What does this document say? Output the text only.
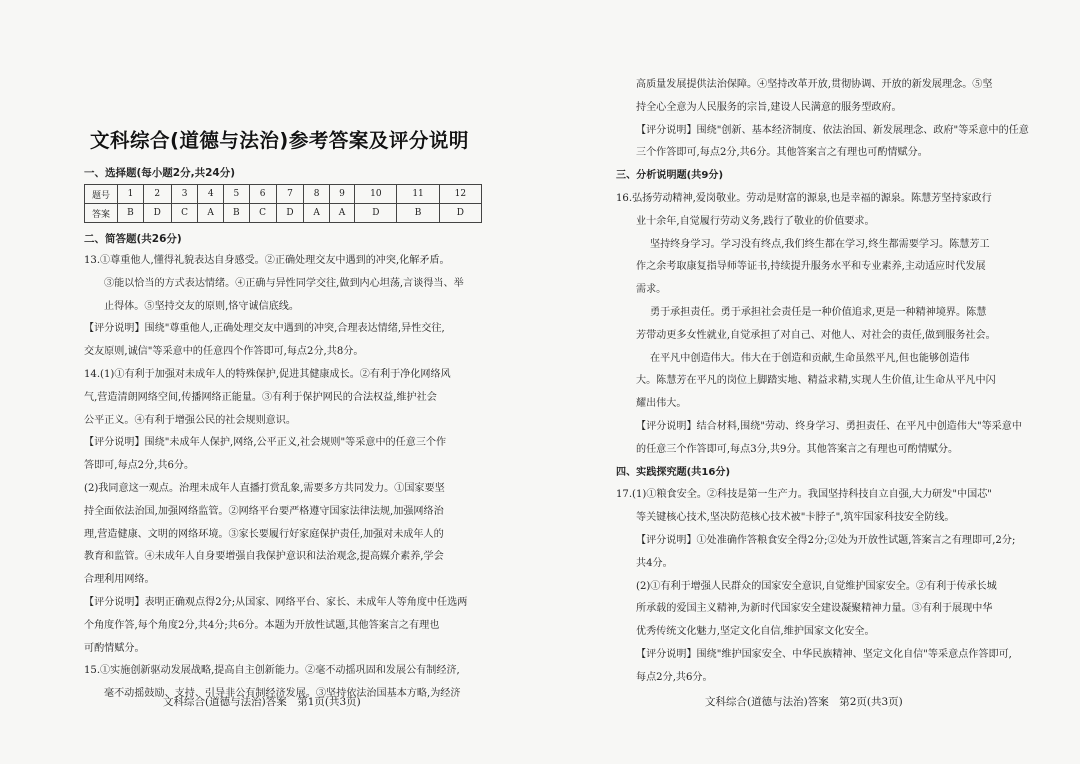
文科综合(道德与法治)参考答案及评分说明
一、选择题(每小题2分,共24分)
题号	1	2	3	4	5	6	7	8	9	10	11	12
答案	B	D	C	A	B	C	D	A	A	D	B	D
二、简答题(共26分)

13.①尊重他人,懂得礼貌表达自身感受。②正确处理交友中遇到的冲突,化解矛盾。

③能以恰当的方式表达情绪。④正确与异性同学交往,做到内心坦荡,言谈得当、举

止得体。⑤坚持交友的原则,恪守诚信底线。

【评分说明】围绕"尊重他人,正确处理交友中遇到的冲突,合理表达情绪,异性交往,

交友原则,诚信"等采意中的任意四个作答即可,每点2分,共8分。

14.(1)①有利于加强对未成年人的特殊保护,促进其健康成长。②有利于净化网络风

气,营造清朗网络空间,传播网络正能量。③有利于保护网民的合法权益,维护社会

公平正义。④有利于增强公民的社会规则意识。

【评分说明】围绕"未成年人保护,网络,公平正义,社会规则"等采意中的任意三个作

答即可,每点2分,共6分。

(2)我同意这一观点。治理未成年人直播打赏乱象,需要多方共同发力。①国家要坚

持全面依法治国,加强网络监管。②网络平台要严格遵守国家法律法规,加强网络治

理,营造健康、文明的网络环境。③家长要履行好家庭保护责任,加强对未成年人的

教育和监管。④未成年人自身要增强自我保护意识和法治观念,提高媒介素养,学会

合理利用网络。

【评分说明】表明正确观点得2分;从国家、网络平台、家长、未成年人等角度中任选两

个角度作答,每个角度2分,共4分;共6分。本题为开放性试题,其他答案言之有理也

可酌情赋分。

15.①实施创新驱动发展战略,提高自主创新能力。②毫不动摇巩固和发展公有制经济,

毫不动摇鼓励、支持、引导非公有制经济发展。③坚持依法治国基本方略,为经济

高质量发展提供法治保障。④坚持改革开放,贯彻协调、开放的新发展理念。⑤坚

持全心全意为人民服务的宗旨,建设人民满意的服务型政府。

【评分说明】围绕"创新、基本经济制度、依法治国、新发展理念、政府"等采意中的任意

三个作答即可,每点2分,共6分。其他答案言之有理也可酌情赋分。

三、分析说明题(共9分)

16.弘扬劳动精神,爱岗敬业。劳动是财富的源泉,也是幸福的源泉。陈慧芳坚持家政行

业十余年,自觉履行劳动义务,践行了敬业的价值要求。

坚持终身学习。学习没有终点,我们终生都在学习,终生都需要学习。陈慧芳工

作之余考取康复指导师等证书,持续提升服务水平和专业素养,主动适应时代发展

需求。

勇于承担责任。勇于承担社会责任是一种价值追求,更是一种精神境界。陈慧

芳带动更多女性就业,自觉承担了对自己、对他人、对社会的责任,做到服务社会。

在平凡中创造伟大。伟大在于创造和贡献,生命虽然平凡,但也能够创造伟

大。陈慧芳在平凡的岗位上脚踏实地、精益求精,实现人生价值,让生命从平凡中闪

耀出伟大。

【评分说明】结合材料,围绕"劳动、终身学习、勇担责任、在平凡中创造伟大"等采意中

的任意三个作答即可,每点3分,共9分。其他答案言之有理也可酌情赋分。

四、实践探究题(共16分)

17.(1)①粮食安全。②科技是第一生产力。我国坚持科技自立自强,大力研发"中国芯"

等关键核心技术,坚决防范核心技术被"卡脖子",筑牢国家科技安全防线。

【评分说明】①处准确作答粮食安全得2分;②处为开放性试题,答案言之有理即可,2分;

共4分。

(2)①有利于增强人民群众的国家安全意识,自觉维护国家安全。②有利于传承长城

所承载的爱国主义精神,为新时代国家安全建设凝聚精神力量。③有利于展现中华

优秀传统文化魅力,坚定文化自信,维护国家文化安全。

【评分说明】围绕"维护国家安全、中华民族精神、坚定文化自信"等采意点作答即可,

每点2分,共6分。

文科综合(道德与法治)答案　第1页(共3页)	文科综合(道德与法治)答案　第2页(共3页)
